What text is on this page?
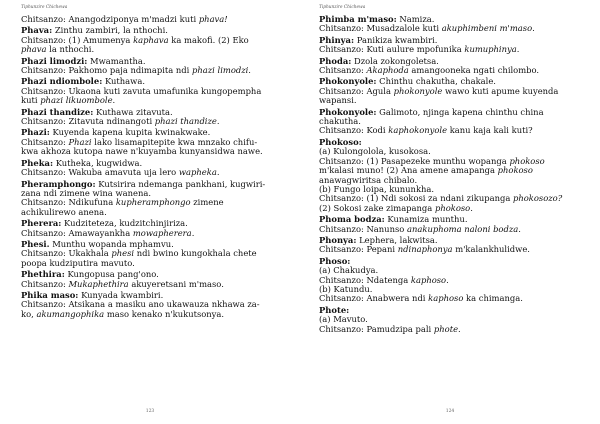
Tiphunzire Chichewa
Chitsanzo: Anangodziponya m'madzi kuti phava!
Phava: Zinthu zambiri, la nthochi.
Chitsanzo: (1) Amumenya kaphava ka makofi. (2) Eko
phava la nthochi.
Phazi limodzi: Mwamantha.
Chitsanzo: Pakhomo paja ndimapita ndi phazi limodzi.
Phazi ndiombole: Kuthawa.
Chitsanzo: Ukaona kuti zavuta umafunika kungopempha
kuti phazi likuombole.
Phazi thandize: Kuthawa zitavuta.
Chitsanzo: Zitavuta ndinangoti phazi thandize.
Phazi: Kuyenda kapena kupita kwinakwake.
Chitsanzo: Phazi lako lisamapitepite kwa mnzako chifu-
kwa akhoza kutopa nawe n'kuyamba kunyansidwa nawe.
Pheka: Kutheka, kugwidwa.
Chitsanzo: Wakuba amavuta uja lero wapheka.
Pheramphongo: Kutsirira ndemanga pankhani, kugwiri-
zana ndi zimene wina wanena.
Chitsanzo: Ndikufuna kupheramphongo zimene
achikulirewo anena.
Pherera: Kudziteteza, kudzitchinjiriza.
Chitsanzo: Amawayankha mowapherera.
Phesi. Munthu wopanda mphamvu.
Chitsanzo: Ukakhala phesi ndi bwino kungokhala chete
poopa kudziputira mavuto.
Phethira: Kungopusa pang'ono.
Chitsanzo: Mukaphethira akuyeretsani m'maso.
Phika maso: Kunyada kwambiri.
Chitsanzo: Atsikana a masiku ano ukawauza nkhawa za-
ko, akumangophika maso kenako n'kukutsonya.
123
Tiphunzire Chichewa
Phimba m'maso: Namiza.
Chitsanzo: Musadzalole kuti akuphimbeni m'maso.
Phinya: Panikiza kwambiri.
Chitsanzo: Kuti aulure mpofunika kumuphinya.
Phoda: Dzola zokongoletsa.
Chitsanzo: Akaphoda amangooneka ngati chilombo.
Phokonyole: Chinthu chakutha, chakale.
Chitsanzo: Agula phokonyole wawo kuti apume kuyenda
wapansi.
Phokonyole: Galimoto, njinga kapena chinthu china
chakutha.
Chitsanzo: Kodi kaphokonyole kanu kaja kali kuti?
Phokoso:
(a) Kulongolola, kusokosa.
Chitsanzo: (1) Pasapezeke munthu wopanga phokoso
m'kalasi muno! (2) Ana amene amapanga phokoso
anawagwiritsa chibalo.
(b) Fungo loipa, kununkha.
Chitsanzo: (1) Ndi sokosi za ndani zikupanga phokosozo?
(2) Sokosi zake zimapanga phokoso.
Phoma bodza: Kunamiza munthu.
Chitsanzo: Nanunso anakuphoma naloni bodza.
Phonya: Lephera, lakwitsa.
Chitsanzo: Pepani ndinaphonya m'kalankhulidwe.
Phoso:
(a) Chakudya.
Chitsanzo: Ndatenga kaphoso.
(b) Katundu.
Chitsanzo: Anabwera ndi kaphoso ka chimanga.
Phote:
(a) Mavuto.
Chitsanzo: Pamudzipa pali phote.
124
